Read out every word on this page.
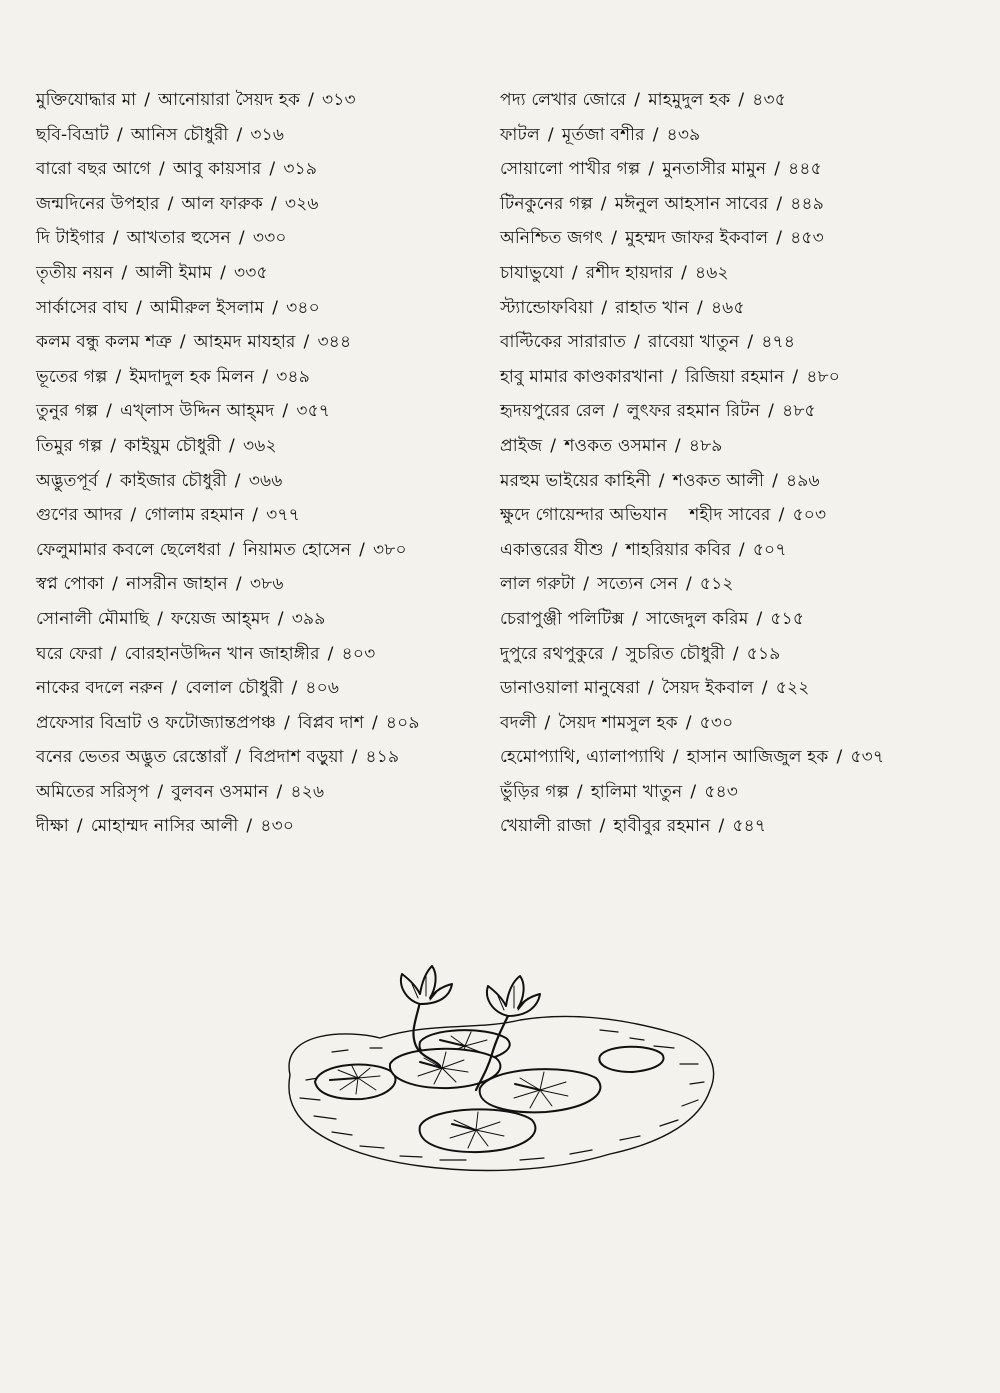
মুক্তিযোদ্ধার মা / আনোয়ারা সৈয়দ হক / ৩১৩
ছবি-বিভ্রাট / আনিস চৌধুরী / ৩১৬
বারো বছর আগে / আবু কায়সার / ৩১৯
জন্মদিনের উপহার / আল ফারুক / ৩২৬
দি টাইগার / আখতার হুসেন / ৩৩০
তৃতীয় নয়ন / আলী ইমাম / ৩৩৫
সার্কাসের বাঘ / আমীরুল ইসলাম / ৩৪০
কলম বন্ধু কলম শত্রু / আহমদ মাযহার / ৩৪৪
ভূতের গল্প / ইমদাদুল হক মিলন / ৩৪৯
তুনুর গল্প / এখ্‌লাস উদ্দিন আহ্‌মদ / ৩৫৭
তিমুর গল্প / কাইয়ুম চৌধুরী / ৩৬২
অদ্ভুতপূর্ব / কাইজার চৌধুরী / ৩৬৬
গুণের আদর / গোলাম রহমান / ৩৭৭
ফেলুমামার কবলে ছেলেধরা / নিয়ামত হোসেন / ৩৮০
স্বপ্ন পোকা / নাসরীন জাহান / ৩৮৬
সোনালী মৌমাছি / ফয়েজ আহ্‌মদ / ৩৯৯
ঘরে ফেরা / বোরহানউদ্দিন খান জাহাঙ্গীর / ৪০৩
নাকের বদলে নরুন / বেলাল চৌধুরী / ৪০৬
প্রফেসার বিভ্রাট ও ফটোজ্যান্তপ্রপঞ্চ / বিপ্লব দাশ / ৪০৯
বনের ভেতর অদ্ভুত রেস্তোরাঁ / বিপ্রদাশ বড়ুয়া / ৪১৯
অমিতের সরিসৃপ / বুলবন ওসমান / ৪২৬
দীক্ষা / মোহাম্মদ নাসির আলী / ৪৩০
পদ্য লেখার জোরে / মাহমুদুল হক / ৪৩৫
ফাটল / মূর্তজা বশীর / ৪৩৯
সোয়ালো পাখীর গল্প / মুনতাসীর মামুন / ৪৪৫
টিনকুনের গল্প / মঈনুল আহসান সাবের / ৪৪৯
অনিশ্চিত জগৎ / মুহম্মদ জাফর ইকবাল / ৪৫৩
চাযাভুযো / রশীদ হায়দার / ৪৬২
স্ট্যান্ডোফবিয়া / রাহাত খান / ৪৬৫
বাল্টিকের সারারাত / রাবেয়া খাতুন / ৪৭৪
হাবু মামার কাণ্ডকারখানা / রিজিয়া রহমান / ৪৮০
হৃদয়পুরের রেল / লুৎফর রহমান রিটন / ৪৮৫
প্রাইজ / শওকত ওসমান / ৪৮৯
মরহুম ভাইয়ের কাহিনী / শওকত আলী / ৪৯৬
ক্ষুদে গোয়েন্দার অভিযান শহীদ সাবের / ৫০৩
একাত্তরের যীশু / শাহরিয়ার কবির / ৫০৭
লাল গরুটা / সত্যেন সেন / ৫১২
চেরাপুঞ্জী পলিটিক্স / সাজেদুল করিম / ৫১৫
দুপুরে রথপুকুরে / সুচরিত চৌধুরী / ৫১৯
ডানাওয়ালা মানুষেরা / সৈয়দ ইকবাল / ৫২২
বদলী / সৈয়দ শামসুল হক / ৫৩০
হেমোপ্যাথি, এ্যালাপ্যাথি / হাসান আজিজুল হক / ৫৩৭
ভুঁড়ির গল্প / হালিমা খাতুন / ৫৪৩
খেয়ালী রাজা / হাবীবুর রহমান / ৫৪৭
